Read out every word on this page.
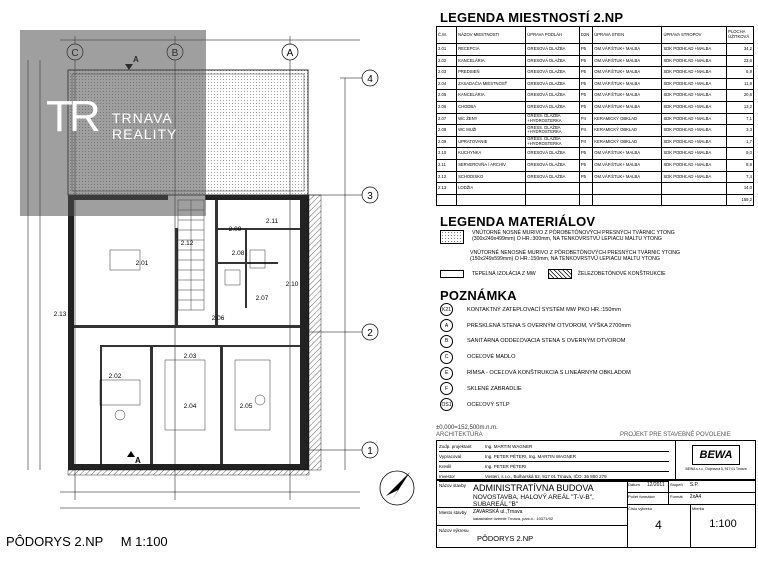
A
4
3
2
1
A
2.01
2.02
2.03
2.04	2.05
2.06
2.07
2.08
2.09
2.10
2.11
2.12
2.13
TR TRNAVA
REALITY
PÔDORYS 2.NP M 1:100
LEGENDA MIESTNOSTÍ 2.NP
Č.M.	NÁZOV MIESTNOSTI	ÚPRAVA PODLÁH	D2N	ÚPRAVA STIEN	ÚPRAVA STROPOV	PLOCHA ÚŽITKOVÁ
2.01	RECEPCIA	GRESOVÁ DLAŽBA	P5	OM.VÁP.ŠTUK+ MALBA	SDK PODHĽAD +MALBA	34,2
2.02	KANCELÁRIA	GRESOVÁ DLAŽBA	P5	OM.VÁP.ŠTUK+ MALBA	SDK PODHĽAD +MALBA	23,6
2.03	PREDSIEŇ	GRESOVÁ DLAŽBA	P5	OM.VÁP.ŠTUK+ MALBA	SDK PODHĽAD +MALBA	6,9
2.04	ZASADAČIA MIESTNOSŤ	GRESOVÁ DLAŽBA	P5	OM.VÁP.ŠTUK+ MALBA	SDK PODHĽAD +MALBA	11,9
2.05	KANCELÁRIA	GRESOVÁ DLAŽBA	P5	OM.VÁP.ŠTUK+ MALBA	SDK PODHĽAD +MALBA	20,6
2.06	CHODBA	GRESOVÁ DLAŽBA	P5	OM.VÁP.ŠTUK+ MALBA	SDK PODHĽAD +MALBA	13,2
2.07	WC ŽENY	GRESS. DLAŽBA +HYDROSTERKA	P4	KERAMICKÝ OBKLAD	SDK PODHĽAD +MALBA	7,1
2.08	WC MUŽI	GRESS. DLAŽBA +HYDROSTERKA	P4	KERAMICKÝ OBKLAD	SDK PODHĽAD +MALBA	3,3
2.09	UPRATOVANIE	GRESS. DLAŽBA +HYDROSTERKA	P4	KERAMICKÝ OBKLAD	SDK PODHĽAD +MALBA	1,7
2.10	KUCHYNKA	GRESOVÁ DLAŽBA	P5	OM.VÁP.ŠTUK+ MALBA	SDK PODHĽAD +MALBA	9,0
2.11	SERVEROVŇA / ARCHÍV	GRESOVÁ DLAŽBA	P5	OM.VÁP.ŠTUK+ MALBA	SDK PODHĽAD +MALBA	8,9
2.12	SCHODISKO	GRESOVÁ DLAŽBA	P5	OM.VÁP.ŠTUK+ MALBA	SDK PODHĽAD +MALBA	7,4
2.13	LODŽIA					14,0
						159,2
LEGENDA MATERIÁLOV
VNÚTORNÉ NOSNÉ MURIVO Z PÓROBETÓNOVÝCH PRESNÝCH TVÁRNIC YTONG
(300x249x499mm) O HR.:300mm, NA TENKOVRSTVÚ LEPIACU MALTU YTONG
VNÚTORNÉ NENOSNÉ MURIVO Z PÓROBETÓNOVÝCH PRESNÝCH TVÁRNIC YTONG
(150x249x599mm) O HR.:150mm, NA TENKOVRSTVÚ LEPIACU MALTU YTONG
TEPELNÁ IZOLÁCIA Z MW	ŽELEZOBETÓNOVÉ KONŠTRUKCIE
POZNÁMKA
K21	KONTAKTNÝ ZATEPLOVACÍ SYSTÉM MW PKO HR.:150mm
A	PRESKLENÁ STENA S OVERNÝM OTVOROM, VÝŠKA 2700mm
B	SANITÁRNA ODDEĽOVACIA STENA S OVERNÝM OTVOROM
C	OCEĽOVÉ MADLO
E	RÍMSA - OCEĽOVÁ KONŠTRUKCIA S LINEÁRNYM OBKLADOM
F	SKLENÉ ZÁBRADLIE
OS1	OCEĽOVÝ STĹP
±0,000=152,500m.n.m.
ARCHITEKTÚRA	PROJEKT PRE STAVEBNÉ POVOLENIE
Zodp. projektant	Ing. MARTIN WAGNER
Vypracoval	Ing. PETER PÉTERI, Ing. MARTIN WAGNER
Kreslil	Ing. PETER PÉTERI
Investor	Vosteri, s.r.o., Bulharská 62, 917 01 Trnava, IČO: 36 800 279
BEWA
BEWA s.r.o., Dopravná 5, 917 01 Trnava
Názov stavby ADMINISTRATÍVNA BUDOVA
NOVOSTAVBA, HALOVÝ AREÁL "T-V-B", SUBAREÁL "B"
Miesto stavby ZAVARSKÁ ul.,Trnava
katastrálne územie Trnava, parc.č.: 10371/92
Názov výkresu
PÔDORYS 2.NP
Dátum 12/2011	Stupeň S.P.
Počet formátov	Formát 2xA4
Číslo výkresu
4
Mierka
1:100
